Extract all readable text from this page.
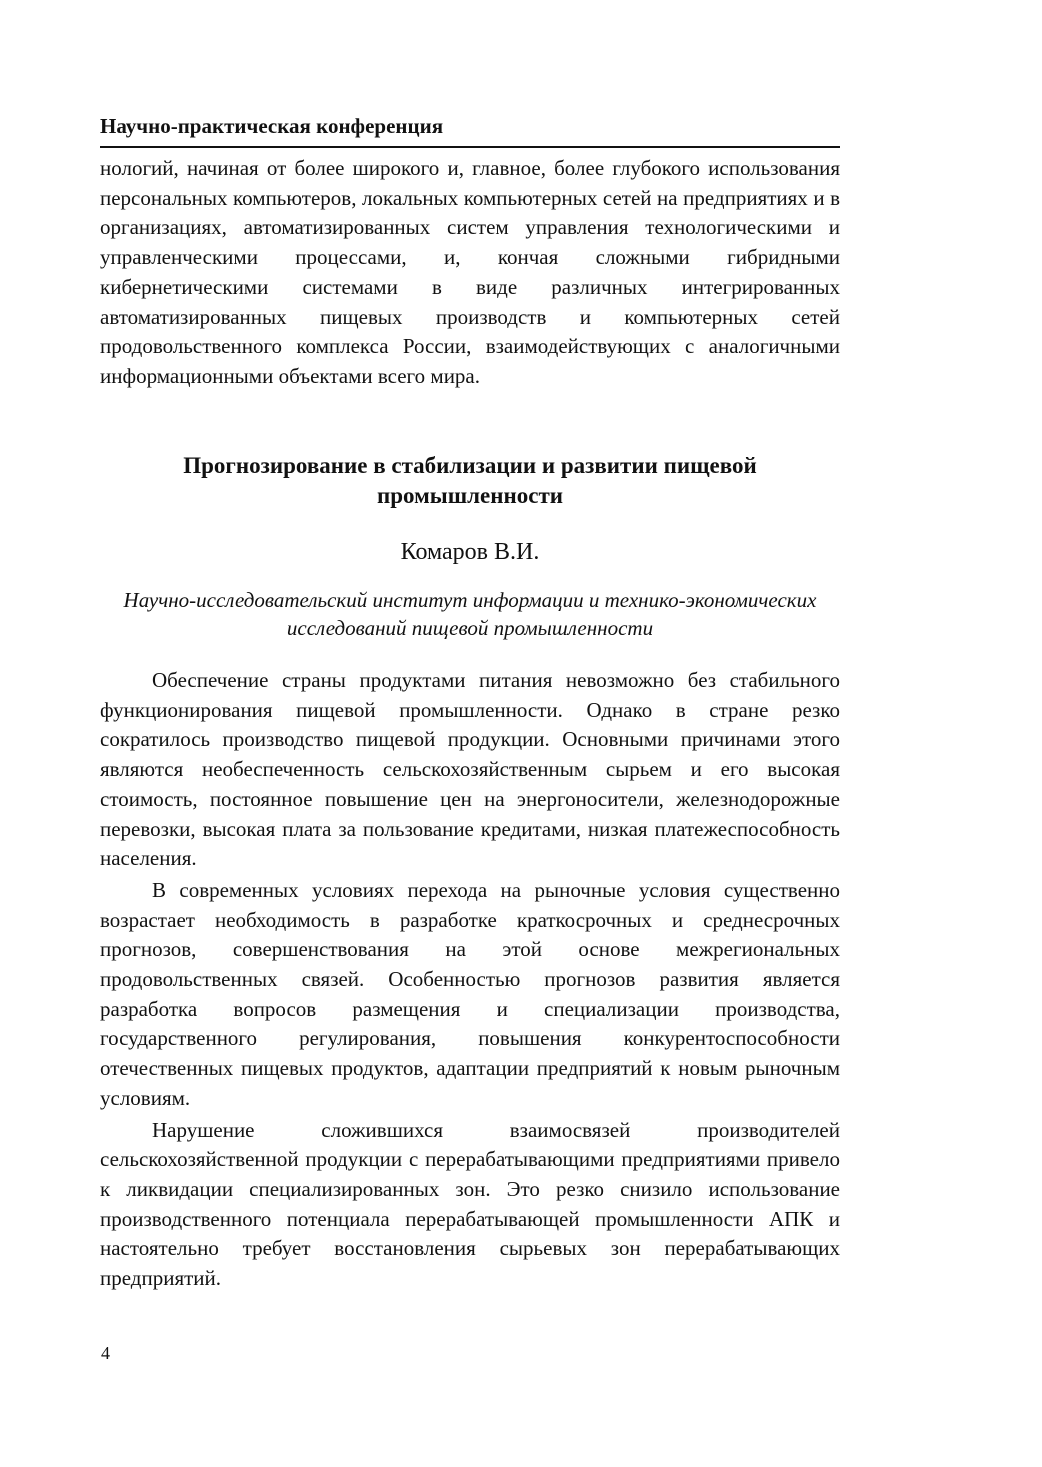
Научно-практическая конференция
нологий, начиная от более широкого и, главное, более глубокого использования персональных компьютеров, локальных компьютерных сетей на предприятиях и в организациях, автоматизированных систем управления технологическими и управленческими процессами, и, кончая сложными гибридными кибернетическими системами в виде различных интегрированных автоматизированных пищевых производств и компьютерных сетей продовольственного комплекса России, взаимодействующих с аналогичными информационными объектами всего мира.
Прогнозирование в стабилизации и развитии пищевой промышленности
Комаров В.И.
Научно-исследовательский институт информации и технико-экономических исследований пищевой промышленности

Обеспечение страны продуктами питания невозможно без стабильного функционирования пищевой промышленности. Однако в стране резко сократилось производство пищевой продукции. Основными причинами этого являются необеспеченность сельскохозяйственным сырьем и его высокая стоимость, постоянное повышение цен на энергоносители, железнодорожные перевозки, высокая плата за пользование кредитами, низкая платежеспособность населения.

В современных условиях перехода на рыночные условия существенно возрастает необходимость в разработке краткосрочных и среднесрочных прогнозов, совершенствования на этой основе межрегиональных продовольственных связей. Особенностью прогнозов развития является разработка вопросов размещения и специализации производства, государственного регулирования, повышения конкурентоспособности отечественных пищевых продуктов, адаптации предприятий к новым рыночным условиям.

Нарушение сложившихся взаимосвязей производителей сельскохозяйственной продукции с перерабатывающими предприятиями привело к ликвидации специализированных зон. Это резко снизило использование производственного потенциала перерабатывающей промышленности АПК и настоятельно требует восстановления сырьевых зон перерабатывающих предприятий.

4
